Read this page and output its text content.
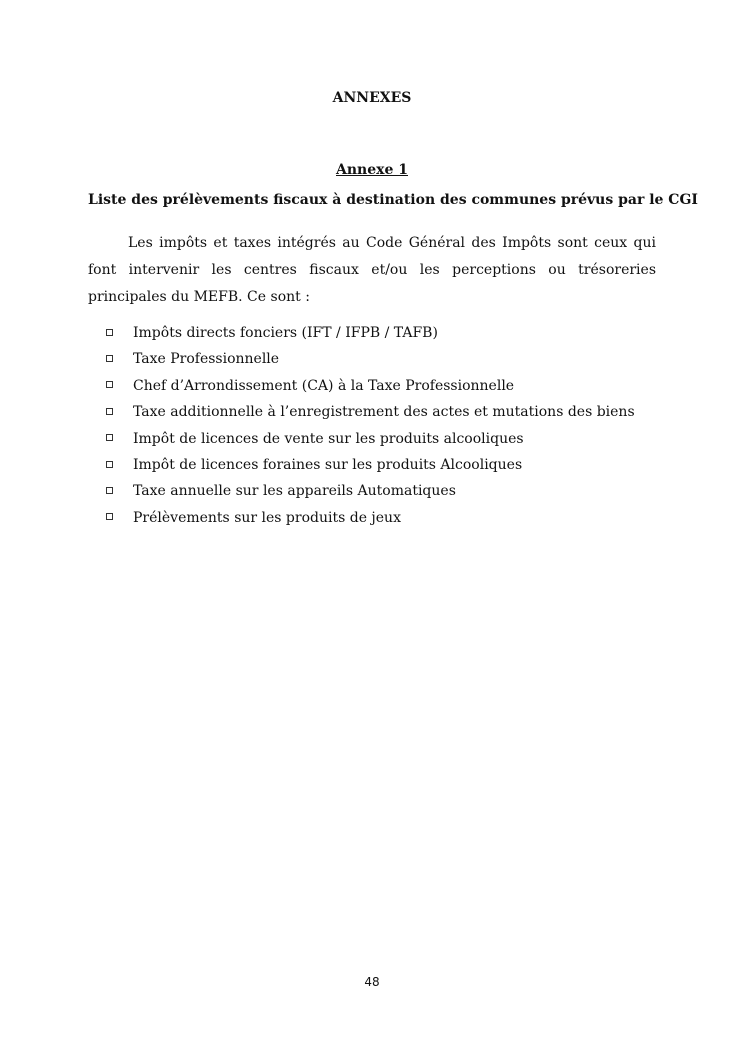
ANNEXES
Annexe 1

Liste des prélèvements fiscaux à destination des communes prévus par le CGI

Les impôts et taxes intégrés au Code Général des Impôts sont ceux qui font intervenir les centres fiscaux et/ou les perceptions ou trésoreries principales du MEFB. Ce sont :

Impôts directs fonciers (IFT / IFPB / TAFB)
Taxe Professionnelle
Chef d’Arrondissement (CA) à la Taxe Professionnelle
Taxe additionnelle à l’enregistrement des actes et mutations des biens
Impôt de licences de vente sur les produits alcooliques
Impôt de licences foraines sur les produits Alcooliques
Taxe annuelle sur les appareils Automatiques
Prélèvements sur les produits de jeux

48
